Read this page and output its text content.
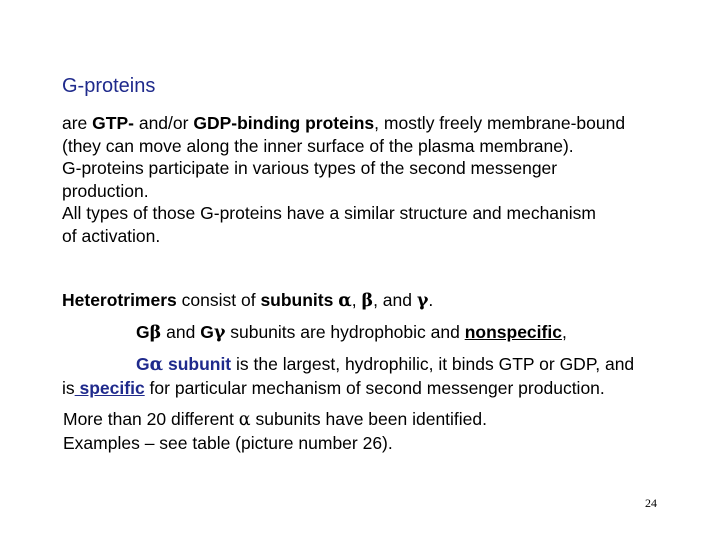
G-proteins
are GTP- and/or GDP-binding proteins, mostly freely membrane-bound
(they can move along the inner surface of the plasma membrane).
G-proteins participate in various types of the second messenger
production.
All types of those G-proteins have a similar structure and mechanism
of activation.
Heterotrimers consist of subunits α, β, and γ.
Gβ and Gγ subunits are hydrophobic and nonspecific,
Gα subunit is the largest, hydrophilic, it binds GTP or GDP, and
is specific for particular mechanism of second messenger production.
More than 20 different α subunits have been identified.
Examples – see table (picture number 26).
24
